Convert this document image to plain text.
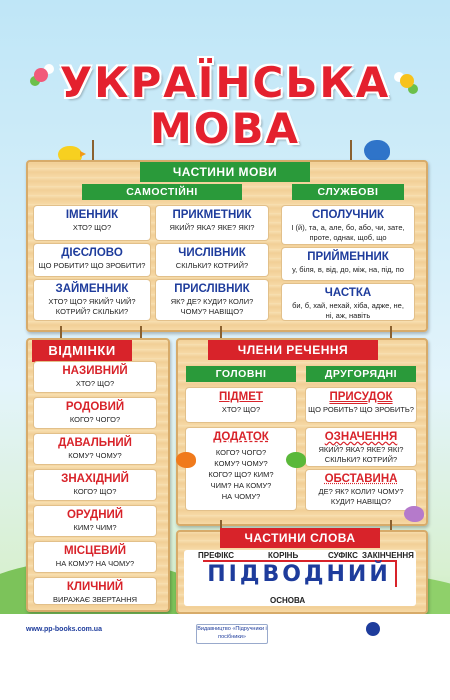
УКРАЇНСЬКА
МОВА
ЧАСТИНИ МОВИ
САМОСТІЙНІ	СЛУЖБОВІ
ІМЕННИК
ХТО? ЩО?
ПРИКМЕТНИК
ЯКИЙ? ЯКА? ЯКЕ? ЯКІ?
ДІЄСЛОВО
ЩО РОБИТИ? ЩО ЗРОБИТИ?
ЧИСЛІВНИК
СКІЛЬКИ? КОТРИЙ?
ЗАЙМЕННИК
ХТО? ЩО? ЯКИЙ? ЧИЙ? КОТРИЙ? СКІЛЬКИ?
ПРИСЛІВНИК
ЯК? ДЕ? КУДИ? КОЛИ? ЧОМУ? НАВІЩО?
СПОЛУЧНИК
І (й), та, а, але, бо, або, чи, зате, проте, однак, щоб, що
ПРИЙМЕННИК
у, біля, в, від, до, між, на, під, по
ЧАСТКА
би, б, хай, нехай, хіба, адже, не, ні, аж, навіть
ВІДМІНКИ
НАЗИВНИЙ
ХТО? ЩО?
РОДОВИЙ
КОГО? ЧОГО?
ДАВАЛЬНИЙ
КОМУ? ЧОМУ?
ЗНАХІДНИЙ
КОГО? ЩО?
ОРУДНИЙ
КИМ? ЧИМ?
МІСЦЕВИЙ
НА КОМУ? НА ЧОМУ?
КЛИЧНИЙ
ВИРАЖАЄ ЗВЕРТАННЯ
ЧЛЕНИ РЕЧЕННЯ
ГОЛОВНІ	ДРУГОРЯДНІ
ПІДМЕТ
ХТО? ЩО?
ДОДАТОК
КОГО? ЧОГО? КОМУ? ЧОМУ? КОГО? ЩО? КИМ? ЧИМ? НА КОМУ? НА ЧОМУ?
ПРИСУДОК
ЩО РОБИТЬ? ЩО ЗРОБИТЬ?
ОЗНАЧЕННЯ
ЯКИЙ? ЯКА? ЯКЕ? ЯКІ? СКІЛЬКИ? КОТРИЙ?
ОБСТАВИНА
ДЕ? ЯК? КОЛИ? ЧОМУ? КУДИ? НАВІЩО?
ЧАСТИНИ СЛОВА
ПРЕФІКС	КОРІНЬ	СУФІКС ЗАКІНЧЕННЯ
ПІДВОДНИЙ
ОСНОВА
www.pp-books.com.ua	Видавництво «Підручники і посібники»
